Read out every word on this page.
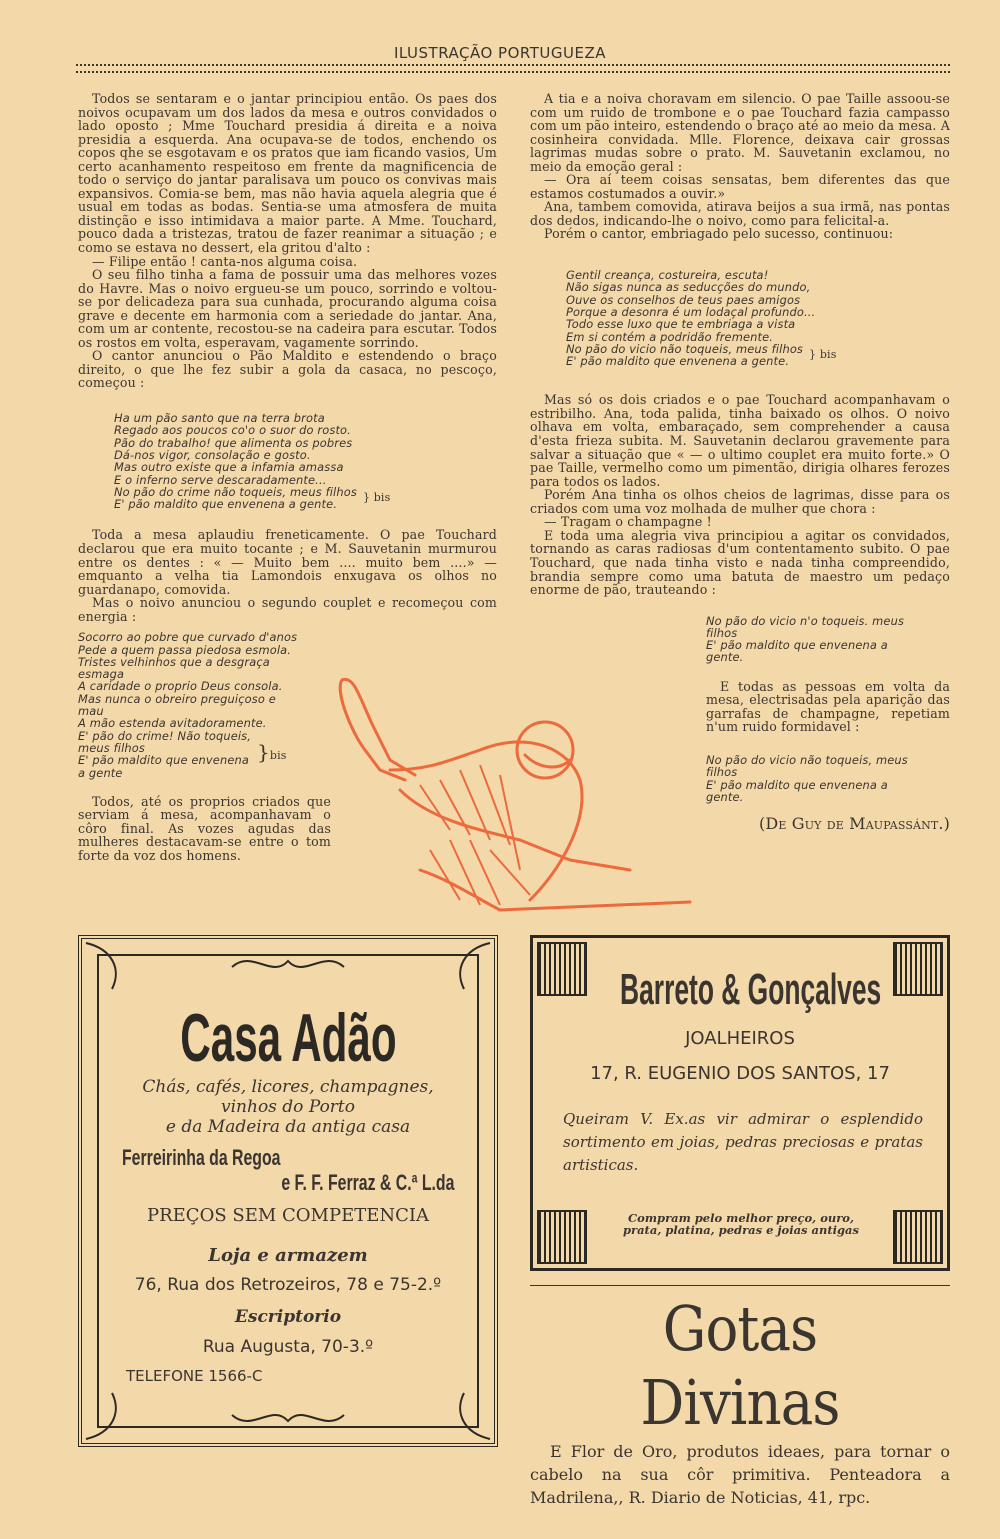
ILUSTRAÇÃO PORTUGUEZA

Todos se sentaram e o jantar principiou então. Os paes dos noivos ocupavam um dos lados da mesa e outros convidados o lado oposto ; Mme Touchard presidia á direita e a noiva presidia a esquerda. Ana ocupava-se de todos, enchendo os copos qhe se esgotavam e os pratos que iam ficando vasios, Um certo acanhamento respeitoso em frente da magnificencia de todo o serviço do jantar paralisava um pouco os convivas mais expansivos. Comia-se bem, mas não havia aquela alegria que é usual em todas as bodas. Sentia-se uma atmosfera de muita distinção e isso intimidava a maior parte. A Mme. Touchard, pouco dada a tristezas, tratou de fazer reanimar a situação ; e como se estava no dessert, ela gritou d'alto :

— Filipe então ! canta-nos alguma coisa.

O seu filho tinha a fama de possuir uma das melhores vozes do Havre. Mas o noivo ergueu-se um pouco, sorrindo e voltou-se por delicadeza para sua cunhada, procurando alguma coisa grave e decente em harmonia com a seriedade do jantar. Ana, com um ar contente, recostou-se na cadeira para escutar. Todos os rostos em volta, esperavam, vagamente sorrindo.

O cantor anunciou o Pão Maldito e estendendo o braço direito, o que lhe fez subir a gola da casaca, no pescoço, começou :

Ha um pão santo que na terra brota
Regado aos poucos co'o o suor do rosto.
Pão do trabalho! que alimenta os pobres
Dá-nos vigor, consolação e gosto.
Mas outro existe que a infamia amassa
E o inferno serve descaradamente...
No pão do crime não toqueis, meus filhos
E' pão maldito que envenena a gente.	} bis

Toda a mesa aplaudiu freneticamente. O pae Touchard declarou que era muito tocante ; e M. Sauvetanin murmurou entre os dentes : « — Muito bem .... muito bem ....» — emquanto a velha tia Lamondois enxugava os olhos no guardanapo, comovida.

Mas o noivo anunciou o segundo couplet e recomeçou com energia :

Socorro ao pobre que curvado d'anos
Pede a quem passa piedosa esmola.
Tristes velhinhos que a desgraça
esmaga
A caridade o proprio Deus consola.
Mas nunca o obreiro preguiçoso e
mau
A mão estenda avitadoramente.
E' pão do crime! Não toqueis,
meus filhos
E' pão maldito que envenena
a gente
}bis

Todos, até os proprios criados que serviam á mesa, acompanhavam o côro final. As vozes agudas das mulheres destacavam-se entre o tom forte da voz dos homens.

A tia e a noiva choravam em silencio. O pae Taille assoou-se com um ruido de trombone e o pae Touchard fazia campasso com um pão inteiro, estendendo o braço até ao meio da mesa. A cosinheira convidada. Mlle. Florence, deixava cair grossas lagrimas mudas sobre o prato. M. Sauvetanin exclamou, no meio da emoção geral :

— Ora aí teem coisas sensatas, bem diferentes das que estamos costumados a ouvir.»

Ana, tambem comovida, atirava beijos a sua irmã, nas pontas dos dedos, indicando-lhe o noivo, como para felicital-a.

Porém o cantor, embriagado pelo sucesso, continuou:

Gentil creança, costureira, escuta!
Não sigas nunca as seducções do mundo,
Ouve os conselhos de teus paes amigos
Porque a desonra é um lodaçal profundo...
Todo esse luxo que te embriaga a vista
Em si contém a podridão fremente.
No pão do vicio não toqueis, meus filhos
E' pão maldito que envenena a gente.	} bis

Mas só os dois criados e o pae Touchard acompanhavam o estribilho. Ana, toda palida, tinha baixado os olhos. O noivo olhava em volta, embaraçado, sem comprehender a causa d'esta frieza subita. M. Sauvetanin declarou gravemente para salvar a situação que « — o ultimo couplet era muito forte.» O pae Taille, vermelho como um pimentão, dirigia olhares ferozes para todos os lados.

Porém Ana tinha os olhos cheios de lagrimas, disse para os criados com uma voz molhada de mulher que chora :

— Tragam o champagne !

E toda uma alegria viva principiou a agitar os convidados, tornando as caras radiosas d'um contentamento subito. O pae Touchard, que nada tinha visto e nada tinha compreendido, brandia sempre como uma batuta de maestro um pedaço enorme de pão, trauteando :

No pão do vicio n'o toqueis. meus
filhos
E' pão maldito que envenena a
gente.

E todas as pessoas em volta da mesa, electrisadas pela aparição das garrafas de champagne, repetiam n'um ruido formidavel :

No pão do vicio não toqueis, meus
filhos
E' pão maldito que envenena a
gente.
(De Guy de Maupassánt.)
Casa Adão
Chás, cafés, licores, champagnes,
vinhos do Porto
e da Madeira da antiga casa
Ferreirinha da Regoa
e F. F. Ferraz & C.ª L.da
PREÇOS SEM COMPETENCIA
Loja e armazem
76, Rua dos Retrozeiros, 78 e 75-2.º
Escriptorio
Rua Augusta, 70-3.º
TELEFONE 1566-C
Barreto & Gonçalves
JOALHEIROS
17, R. EUGENIO DOS SANTOS, 17
Queiram V. Ex.as vir admirar o esplendido sortimento em joias, pedras preciosas e pratas artisticas.
Compram pelo melhor preço, ouro, prata, platina, pedras e joias antigas
Gotas Divinas
E Flor de Oro, produtos ideaes, para tornar o cabelo na sua côr primitiva. Penteadora a Madrilena,, R. Diario de Noticias, 41, rpc.
